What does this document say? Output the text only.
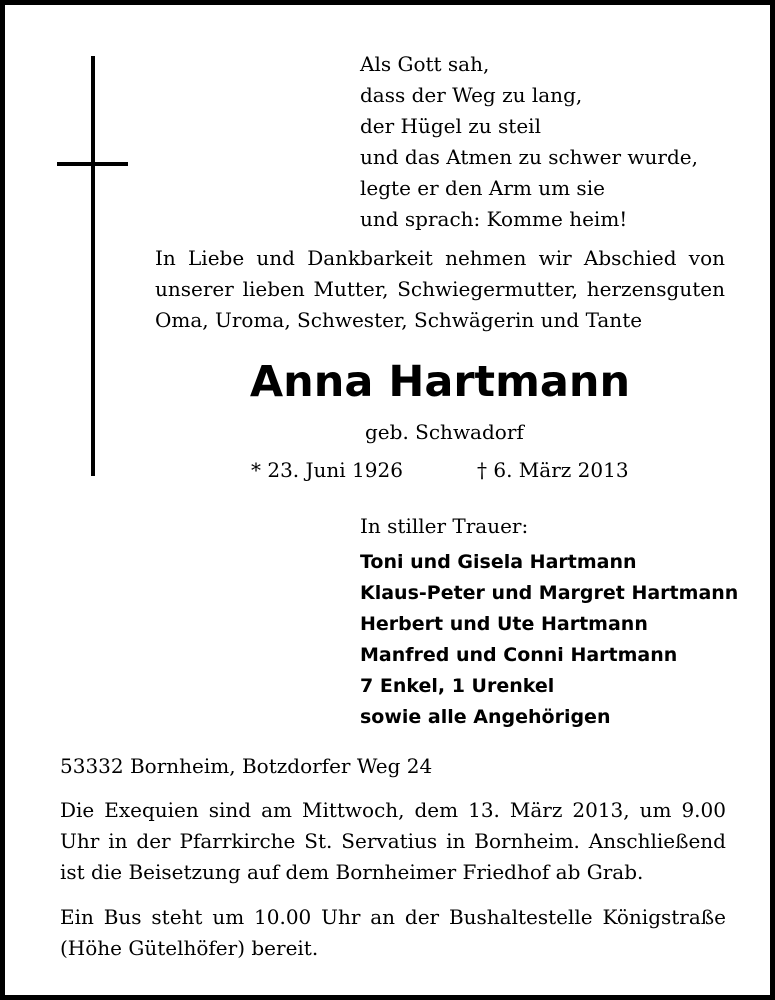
Als Gott sah,
dass der Weg zu lang,
der Hügel zu steil
und das Atmen zu schwer wurde,
legte er den Arm um sie
und sprach: Komme heim!
In Liebe und Dankbarkeit nehmen wir Abschied von unserer lieben Mutter, Schwiegermutter, herzensguten Oma, Uroma, Schwester, Schwägerin und Tante
Anna Hartmann
geb. Schwadorf
* 23. Juni 1926	† 6. März 2013
In stiller Trauer:
Toni und Gisela Hartmann
Klaus-Peter und Margret Hartmann
Herbert und Ute Hartmann
Manfred und Conni Hartmann
7 Enkel, 1 Urenkel
sowie alle Angehörigen
53332 Bornheim, Botzdorfer Weg 24
Die Exequien sind am Mittwoch, dem 13. März 2013, um 9.00 Uhr in der Pfarrkirche St. Servatius in Bornheim. Anschließend ist die Beisetzung auf dem Bornheimer Friedhof ab Grab.
Ein Bus steht um 10.00 Uhr an der Bushaltestelle Königstraße (Höhe Gütelhöfer) bereit.
